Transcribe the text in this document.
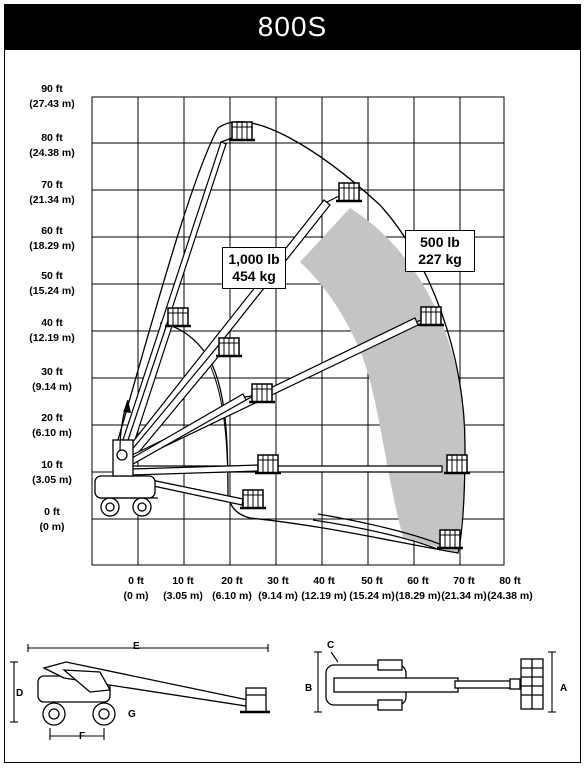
800S
90 ft
(27.43 m)
80 ft
(24.38 m)
70 ft
(21.34 m)
60 ft
(18.29 m)
50 ft
(15.24 m)
40 ft
(12.19 m)
30 ft
(9.14 m)
20 ft
(6.10 m)
10 ft
(3.05 m)
0 ft
(0 m)
0 ft
(0 m)
10 ft
(3.05 m)
20 ft
(6.10 m)
30 ft
(9.14 m)
40 ft
(12.19 m)
50 ft
(15.24 m)
60 ft
(18.29 m)
70 ft
(21.34 m)
80 ft
(24.38 m)
1,000 lb
454 kg
500 lb
227 kg
E
D
F
G
C
B	A
